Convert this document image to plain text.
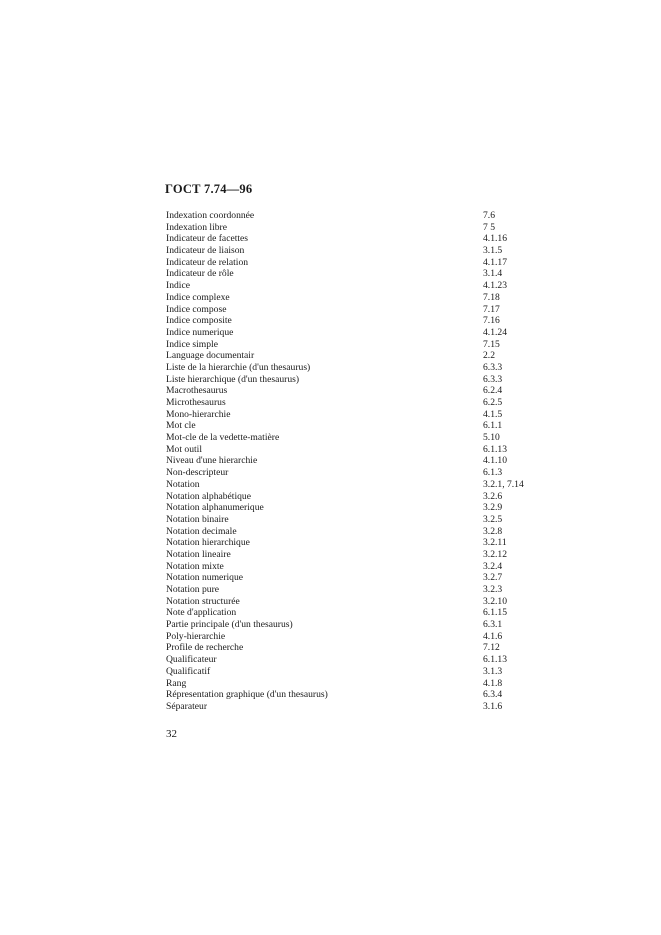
ГОСТ 7.74—96
Indexation coordonnée	7.6
Indexation libre	7 5
Indicateur de facettes	4.1.16
Indicateur de liaison	3.1.5
Indicateur de relation	4.1.17
Indicateur de rôle	3.1.4
Indice	4.1.23
Indice complexe	7.18
Indice compose	7.17
Indice composite	7.16
Indice numerique	4.1.24
Indice simple	7.15
Language documentair	2.2
Liste de la hierarchie (d'un thesaurus)	6.3.3
Liste hierarchique (d'un thesaurus)	6.3.3
Macrothesaurus	6.2.4
Microthesaurus	6.2.5
Mono-hierarchie	4.1.5
Mot cle	6.1.1
Mot-cle de la vedette-matière	5.10
Mot outil	6.1.13
Niveau d'une hierarchie	4.1.10
Non-descripteur	6.1.3
Notation	3.2.1, 7.14
Notation alphabétique	3.2.6
Notation alphanumerique	3.2.9
Notation binaire	3.2.5
Notation decimale	3.2.8
Notation hierarchique	3.2.11
Notation lineaire	3.2.12
Notation mixte	3.2.4
Notation numerique	3.2.7
Notation pure	3.2.3
Notation structurée	3.2.10
Note d'application	6.1.15
Partie principale (d'un thesaurus)	6.3.1
Poly-hierarchie	4.1.6
Profile de recherche	7.12
Qualificateur	6.1.13
Qualificatif	3.1.3
Rang	4.1.8
Répresentation graphique (d'un thesaurus)	6.3.4
Séparateur	3.1.6
32
